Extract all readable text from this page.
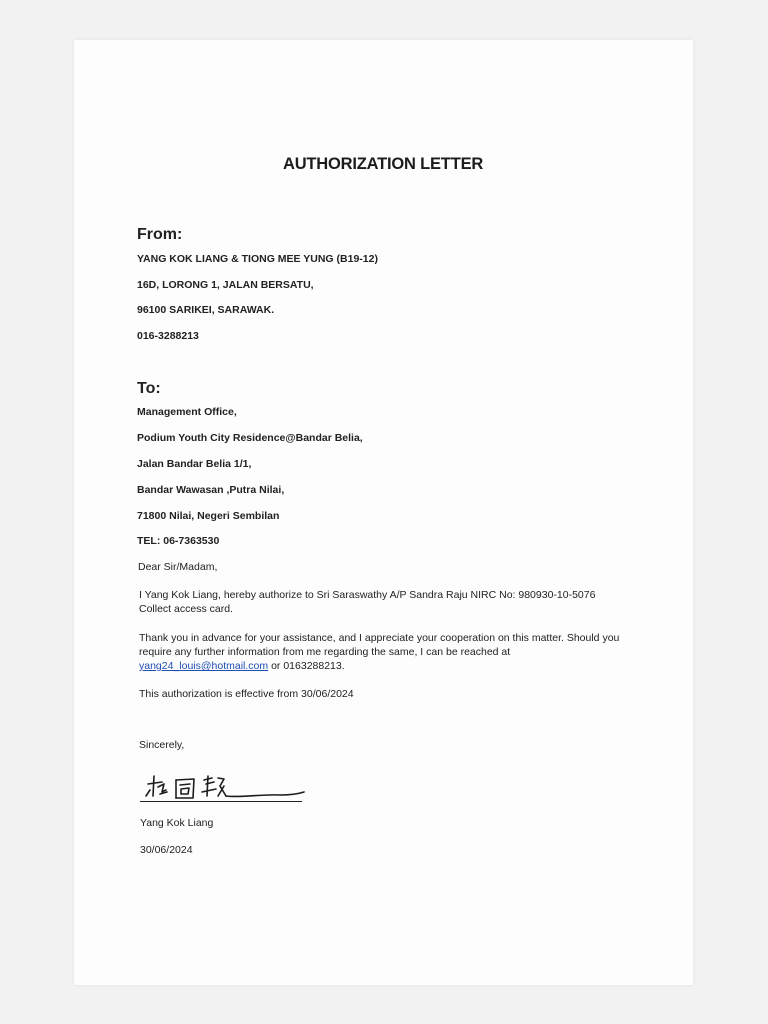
AUTHORIZATION LETTER
From:
YANG KOK LIANG & TIONG MEE YUNG (B19-12)
16D, LORONG 1, JALAN BERSATU,
96100 SARIKEI, SARAWAK.
016-3288213
To:
Management Office,
Podium Youth City Residence@Bandar Belia,
Jalan Bandar Belia 1/1,
Bandar Wawasan ,Putra Nilai,
71800 Nilai, Negeri Sembilan
TEL: 06-7363530
Dear Sir/Madam,
I Yang Kok Liang, hereby authorize to Sri Saraswathy A/P Sandra Raju NIRC No: 980930-10-5076 Collect access card.
Thank you in advance for your assistance, and I appreciate your cooperation on this matter. Should you require any further information from me regarding the same, I can be reached at yang24_louis@hotmail.com or 0163288213.
This authorization is effective from 30/06/2024
Sincerely,
Yang Kok Liang
30/06/2024
